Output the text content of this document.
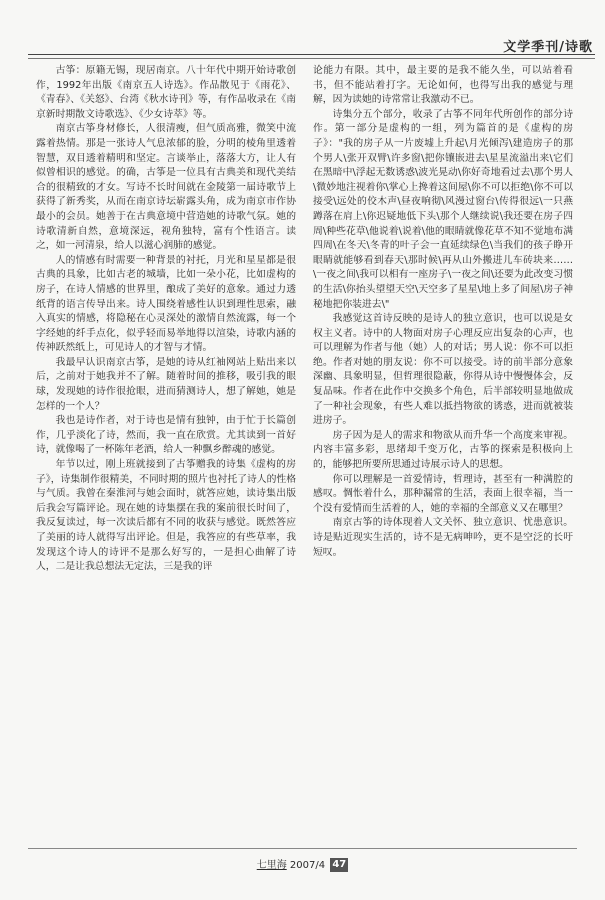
文学季刊/诗歌

古筝：原籍无锡，现居南京。八十年代中期开始诗歌创作，1992年出版《南京五人诗选》。作品散见于《雨花》、《青春》、《关怒》、台湾《秋水诗刊》等，有作品收录在《南京新时期散文诗歌选》、《少女诗萃》等。

南京古筝身材修长，人很清瘦，但气质高雅，微笑中流露着热情。那是一张诗人气息浓郁的脸，分明的棱角里透着智慧，双目透着精明和坚定。言谈举止，落落大方，让人有似曾相识的感觉。的确，古筝是一位具有古典美和现代美结合的很精致的才女。写诗不长时间就在金陵第一届诗歌节上获得了新秀奖，从而在南京诗坛崭露头角，成为南京市作协最小的会员。她善于在古典意境中营造她的诗歌气氛。她的诗歌清新自然，意境深远，视角独特，富有个性语言。读之，如一河清泉，给人以滋心润肺的感觉。

人的情感有时需要一种背景的衬托，月光和星星都是很古典的具象，比如古老的城墙，比如一朵小花，比如虚构的房子，在诗人情感的世界里，酿成了美好的意象。通过力透纸背的语言传导出来。诗人围绕着感性认识到理性思索，融入真实的情感，将隐秘在心灵深处的激情自然流露，每一个字经她的纤手点化，似乎轻而易举地得以渲染，诗歌内涵的传神跃然纸上，可见诗人的才智与才情。

我最早认识南京古筝，是她的诗从红袖网站上贴出来以后，之前对于她我并不了解。随着时间的推移，吸引我的眼球，发现她的诗作很抢眼，进而猜测诗人，想了解她，她是怎样的一个人？

我也是诗作者，对于诗也是情有独钟，由于忙于长篇创作，几乎淡化了诗，然而，我一直在欣赏。尤其读到一首好诗，就像喝了一杯陈年老酒，给人一种飘乡醉魂的感觉。

年节以过，刚上班就接到了古筝赠我的诗集《虚构的房子》，诗集制作很精美，不同时期的照片也衬托了诗人的性格与气质。我曾在秦淮河与她会面时，就答应她，读诗集出版后我会写篇评论。现在她的诗集摆在我的案前很长时间了，我反复读过，每一次读后都有不同的收获与感觉。既然答应了美丽的诗人就得写出评论。但是，我答应的有些草率，我发现这个诗人的诗评不是那么好写的，一是担心曲解了诗人，二是让我总想法无定法，三是我的评

论能力有限。其中，最主要的是我不能久坐，可以站着看书，但不能站着打字。无论如何，也得写出我的感觉与理解，因为读她的诗常常让我激动不已。

诗集分五个部分，收录了古筝不同年代所创作的部分诗作。第一部分是虚构的一组，列为篇首的是《虚构的房子》："我的房子从一片废墟上升起\月光倾泻\建造房子的那个男人\张开双臂\许多窗\把你镶嵌进去\星星流溢出来\它们在黑暗中\浮起无数诱惑\波光晃动\你好奇地看过去\那个男人\微妙地注视着你\掌心上搀着这间屋\你不可以拒绝\你不可以接受\远处的佼木声\昼夜响彻\风漫过窗台\传得很远\一只燕蹲落在肩上\你迟疑地低下头\那个人继续说\我还要在房子四周\种些花草\他说着\说着\他的眼睛就像花草不知不觉地布满四周\在冬天\冬青的叶子会一直延续绿色\当我们的孩子睁开眼睛就能够看到春天\那时候\再从山外搬进儿车砖块来……\一夜之间\我可以相有一座房子\一夜之间\还要为此改变习惯的生活\你抬头望望天空\天空多了星星\地上多了间屋\房子神秘地把你装进去\"

我感觉这首诗反映的是诗人的独立意识，也可以说是女权主义者。诗中的人物面对房子心理反应出复杂的心声，也可以理解为作者与他（她）人的对话；男人说：你不可以拒绝。作者对她的朋友说：你不可以接受。诗的前半部分意象深幽、具象明显，但哲理很隐蔽，你得从诗中慢慢体会，反复品味。作者在此作中交换多个角色，后半部较明显地做成了一种社会现象，有些人难以抵挡物欲的诱惑，进而就被装进房子。

房子因为是人的需求和物欲从而升华一个高度来审视。内容丰富多彩，思绪却千变万化，古筝的探索是积极向上的，能够把所要所思通过诗展示诗人的思想。

你可以理解是一首爱情诗，哲理诗，甚至有一种满腔的感叹。惆怅着什么，那种漏常的生活，表面上很幸福，当一个没有爱情而生活着的人，她的幸福的全部意义又在哪里？

南京古筝的诗体现着人文关怀、独立意识、忧患意识。诗是贴近现实生活的，诗不是无病呻吟，更不是空泛的长吁短叹。

七里海 2007/4 47
